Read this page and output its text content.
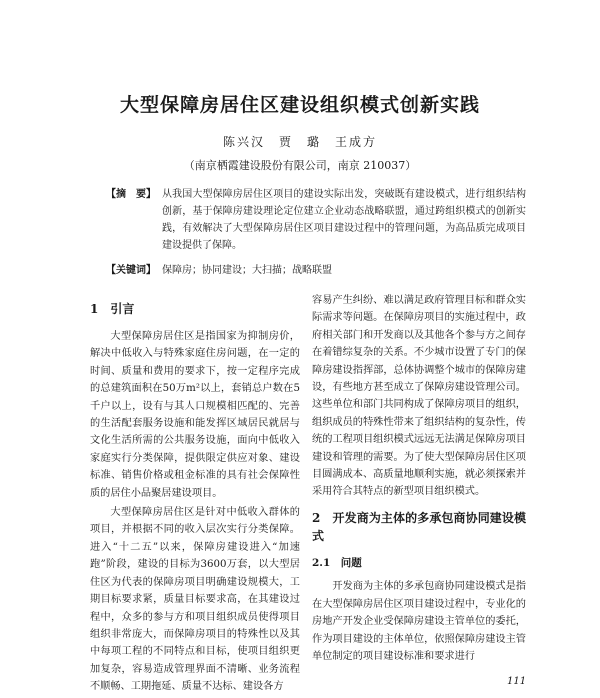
大型保障房居住区建设组织模式创新实践
陈兴汉　贾　璐　王成方
（南京栖霞建设股份有限公司，南京 210037）
【摘　要】 从我国大型保障房居住区项目的建设实际出发，突破既有建设模式，进行组织结构创新，基于保障房建设理论定位建立企业动态战略联盟，通过跨组织模式的创新实践，有效解决了大型保障房居住区项目建设过程中的管理问题，为高品质完成项目建设提供了保障。
【关键词】 保障房；协同建设；大扫描；战略联盟
1　引言
大型保障房居住区是指国家为抑制房价，解决中低收入与特殊家庭住房问题，在一定的时间、质量和费用的要求下，按一定程序完成的总建筑面积在50万m²以上，套销总户数在5千户以上，设有与其人口规模相匹配的、完善的生活配套服务设施和能发挥区域居民就居与文化生活所需的公共服务设施，面向中低收入家庭实行分类保障，提供限定供应对象、建设标准、销售价格或租金标准的具有社会保障性质的居住小品聚居建设项目。
大型保障房居住区是针对中低收入群体的项目，并根据不同的收入层次实行分类保障。进入“十二五”以来，保障房建设进入“加速跑”阶段，建设的目标为3600万套，以大型居住区为代表的保障房项目明确建设规模大，工期目标要求紧，质量目标要求高，在其建设过程中，众多的参与方和项目组织成员使得项目组织非常庞大，而保障房项目的特殊性以及其中每项工程的不同特点和目标，使项目组织更加复杂，容易造成管理界面不清晰、业务流程不顺畅、工期拖延、质量不达标、建设各方
容易产生纠纷、难以满足政府管理目标和群众实际需求等问题。在保障房项目的实施过程中，政府相关部门和开发商以及其他各个参与方之间存在着错综复杂的关系。不少城市设置了专门的保障房建设指挥部，总体协调整个城市的保障房建设，有些地方甚至成立了保障房建设管理公司。这些单位和部门共同构成了保障房项目的组织，组织成员的特殊性带来了组织结构的复杂性，传统的工程项目组织模式远远无法满足保障房项目建设和管理的需要。为了使大型保障房居住区项目圆满成本、高质量地顺利实施，就必须探索并采用符合其特点的新型项目组织模式。
2　开发商为主体的多承包商协同建设模式
2.1　问题
开发商为主体的多承包商协同建设模式是指在大型保障房居住区项目建设过程中，专业化的房地产开发企业受保障房建设主管单位的委托，作为项目建设的主体单位，依照保障房建设主管单位制定的项目建设标准和要求进行
111
